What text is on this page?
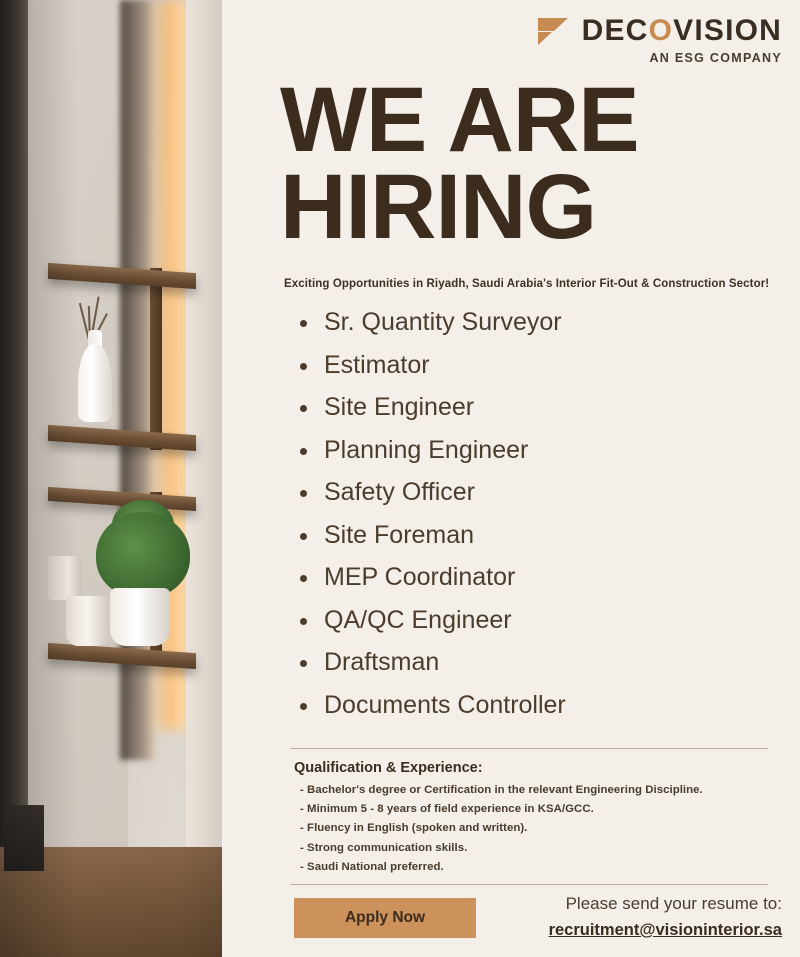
DECOVISION
AN ESG COMPANY
WE ARE
HIRING
Exciting Opportunities in Riyadh, Saudi Arabia's Interior Fit-Out & Construction Sector!
Sr. Quantity Surveyor
Estimator
Site Engineer
Planning Engineer
Safety Officer
Site Foreman
MEP Coordinator
QA/QC Engineer
Draftsman
Documents Controller
Qualification & Experience:
- Bachelor's degree or Certification in the relevant Engineering Discipline.
- Minimum 5 - 8 years of field experience in KSA/GCC.
- Fluency in English (spoken and written).
- Strong communication skills.
- Saudi National preferred.
Apply Now
Please send your resume to:
recruitment@visioninterior.sa
